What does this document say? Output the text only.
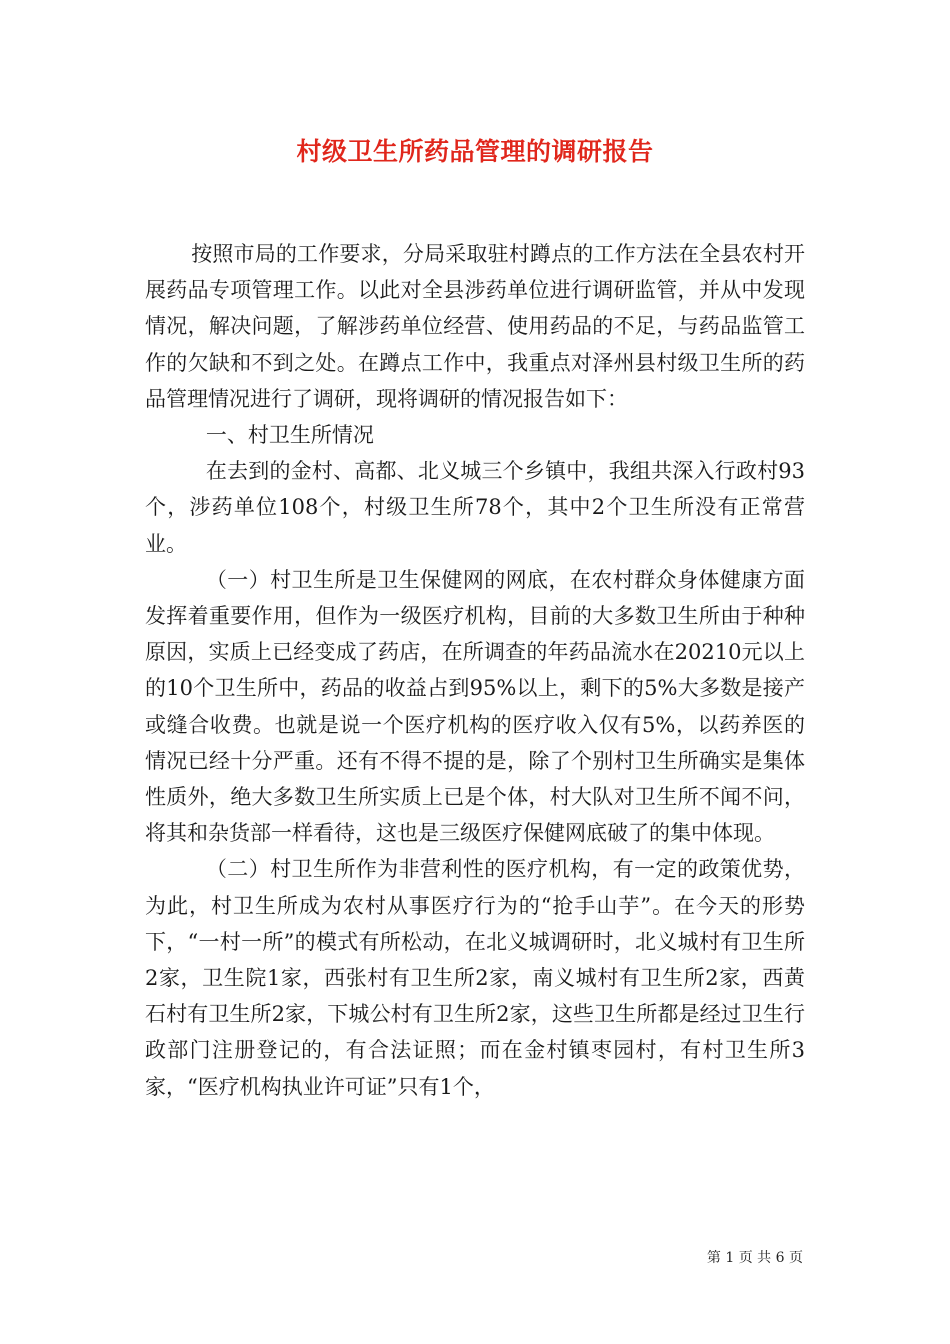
村级卫生所药品管理的调研报告

按照市局的工作要求，分局采取驻村蹲点的工作方法在全县农村开展药品专项管理工作。以此对全县涉药单位进行调研监管，并从中发现情况，解决问题，了解涉药单位经营、使用药品的不足，与药品监管工作的欠缺和不到之处。在蹲点工作中，我重点对泽州县村级卫生所的药品管理情况进行了调研，现将调研的情况报告如下：

一、村卫生所情况

在去到的金村、高都、北义城三个乡镇中，我组共深入行政村93个，涉药单位108个，村级卫生所78个，其中2个卫生所没有正常营业。

（一）村卫生所是卫生保健网的网底，在农村群众身体健康方面发挥着重要作用，但作为一级医疗机构，目前的大多数卫生所由于种种原因，实质上已经变成了药店，在所调查的年药品流水在20210元以上的10个卫生所中，药品的收益占到95%以上，剩下的5%大多数是接产或缝合收费。也就是说一个医疗机构的医疗收入仅有5%，以药养医的情况已经十分严重。还有不得不提的是，除了个别村卫生所确实是集体性质外，绝大多数卫生所实质上已是个体，村大队对卫生所不闻不问，将其和杂货部一样看待，这也是三级医疗保健网底破了的集中体现。

（二）村卫生所作为非营利性的医疗机构，有一定的政策优势，为此，村卫生所成为农村从事医疗行为的“抢手山芋”。在今天的形势下，“一村一所”的模式有所松动，在北义城调研时，北义城村有卫生所2家，卫生院1家，西张村有卫生所2家，南义城村有卫生所2家，西黄石村有卫生所2家，下城公村有卫生所2家，这些卫生所都是经过卫生行政部门注册登记的，有合法证照；而在金村镇枣园村，有村卫生所3家，“医疗机构执业许可证”只有1个，

第 1 页 共 6 页
